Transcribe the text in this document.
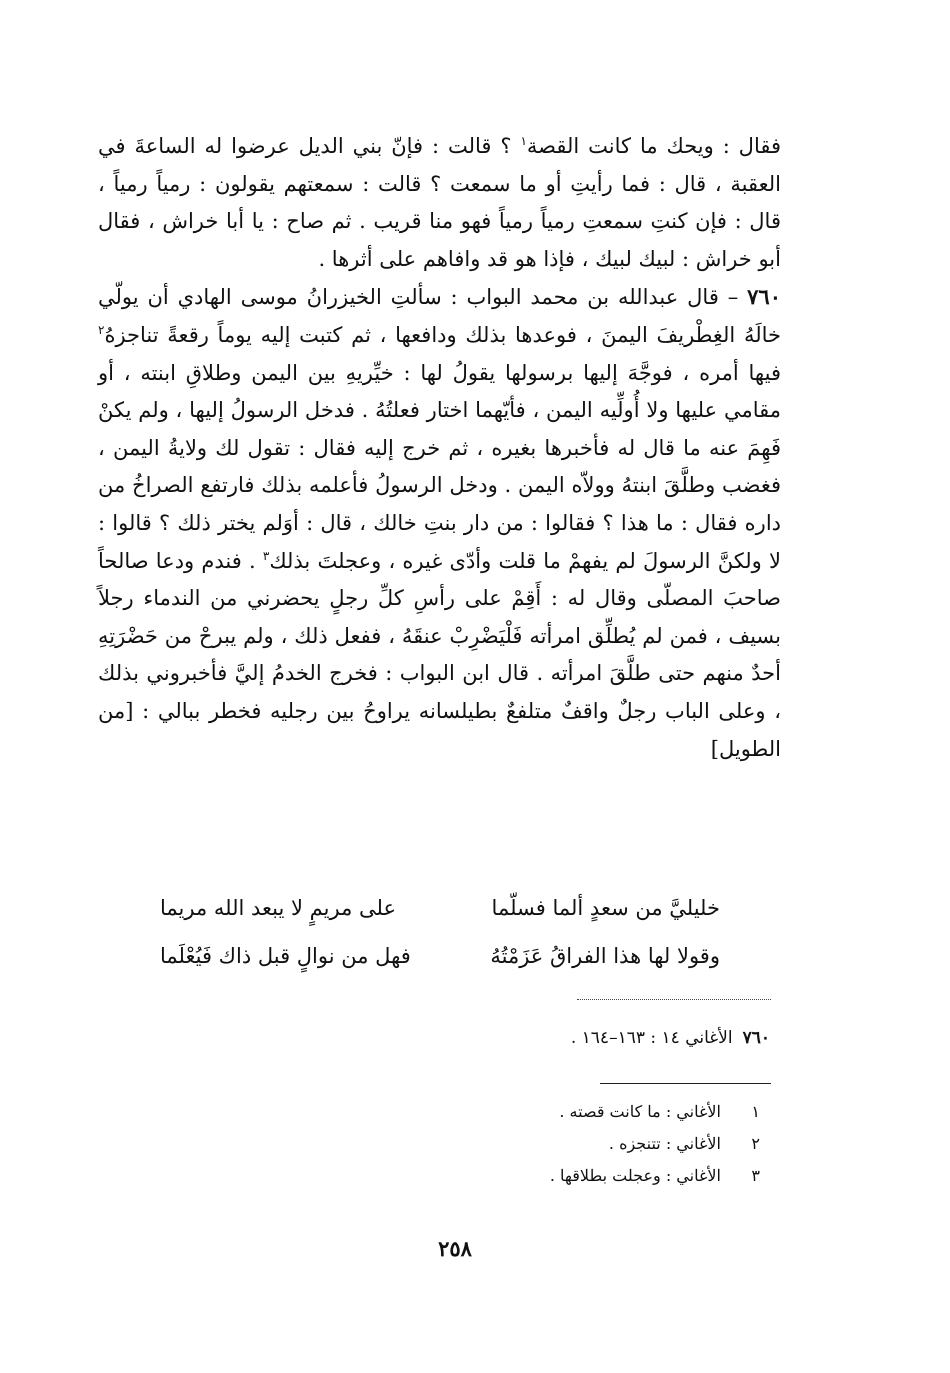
فقال : ويحك ما كانت القصة$^١$ ؟ قالت : فإنّ بني الديل عرضوا له الساعةَ في العقبة ، قال : فما رأيتِ أو ما سمعت ؟ قالت : سمعتهم يقولون : رمياً رمياً ، قال : فإن كنتِ سمعتِ رمياً رمياً فهو منا قريب . ثم صاح : يا أبا خراش ، فقال أبو خراش : لبيك لبيك ، فإذا هو قد وافاهم على أثرها .

٧٦٠ – قال عبدالله بن محمد البواب : سألتِ الخيزرانُ موسى الهادي أن يولّي خالَهُ الغِطْريفَ اليمنَ ، فوعدها بذلك ودافعها ، ثم كتبت إليه يوماً رقعةً تناجزهُ$^٢$ فيها أمره ، فوجَّهَ إليها برسولها يقولُ لها : خيِّريهِ بين اليمن وطلاقِ ابنته ، أو مقامي عليها ولا أُولِّيه اليمن ، فأيّهما اختار فعلتُهُ . فدخل الرسولُ إليها ، ولم يكنْ فَهِمَ عنه ما قال له فأخبرها بغيره ، ثم خرج إليه فقال : تقول لك ولايةُ اليمن ، فغضب وطلَّقَ ابنتهُ وولاّه اليمن . ودخل الرسولُ فأعلمه بذلك فارتفع الصراخُ من داره فقال : ما هذا ؟ فقالوا : من دار بنتِ خالك ، قال : أوَلم يختر ذلك ؟ قالوا : لا ولكنَّ الرسولَ لم يفهمْ ما قلت وأدّى غيره ، وعجلتَ بذلك$^٣$ . فندم ودعا صالحاً صاحبَ المصلّى وقال له : أَقِمْ على رأسِ كلِّ رجلٍ يحضرني من الندماء رجلاً بسيف ، فمن لم يُطلِّق امرأته فَلْيَضْرِبْ عنقَهُ ، ففعل ذلك ، ولم يبرحْ من حَضْرَتِهِ أحدٌ منهم حتى طلَّقَ امرأته . قال ابن البواب : فخرج الخدمُ إليَّ فأخبروني بذلك ، وعلى الباب رجلٌ واقفٌ متلفعٌ بطيلسانه يراوحُ بين رجليه فخطر ببالي : [من الطويل]

خليليَّ من سعدٍ ألما فسلّما
على مريمٍ لا يبعد الله مريما
وقولا لها هذا الفراقُ عَزَمْتُهُ
فهل من نوالٍ قبل ذاك فَيُعْلَما
٧٦٠الأغاني ١٤ : ١٦٣–١٦٤ .
١ الأغاني : ما كانت قصته .
٢ الأغاني : تتنجزه .
٣ الأغاني : وعجلت بطلاقها .
٢٥٨
